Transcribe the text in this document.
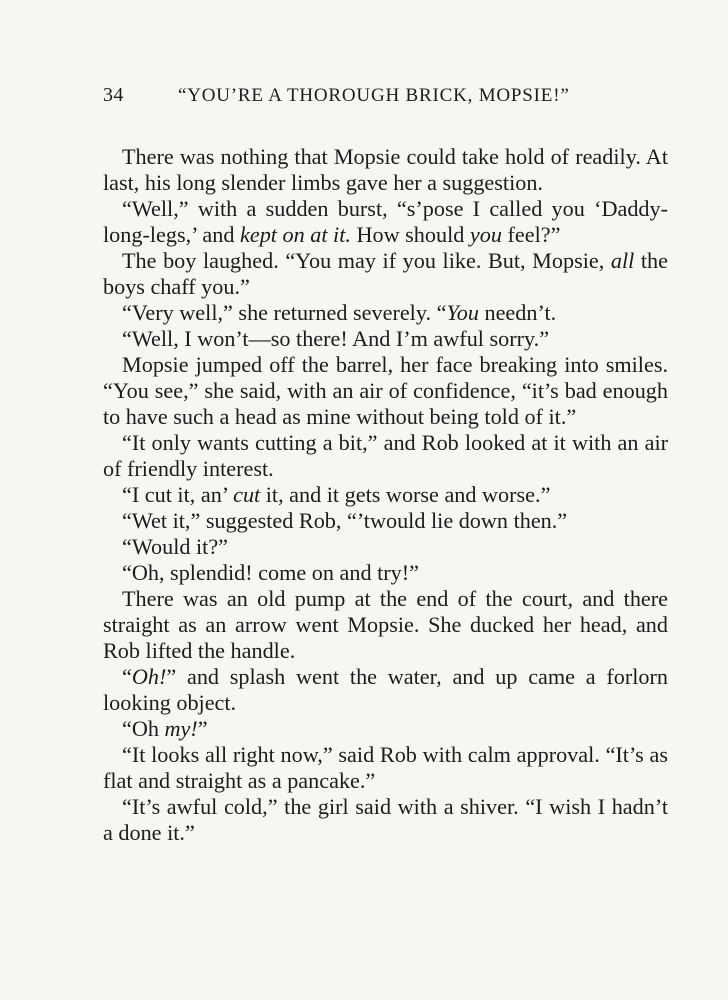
34	“YOU’RE A THOROUGH BRICK, MOPSIE!”

There was nothing that Mopsie could take hold of readily. At last, his long slender limbs gave her a suggestion.

“Well,” with a sudden burst, “s’pose I called you ‘Daddy-long-legs,’ and kept on at it. How should you feel?”

The boy laughed. “You may if you like. But, Mopsie, all the boys chaff you.”

“Very well,” she returned severely. “You needn’t.

“Well, I won’t—so there! And I’m awful sorry.”

Mopsie jumped off the barrel, her face breaking into smiles. “You see,” she said, with an air of confidence, “it’s bad enough to have such a head as mine without being told of it.”

“It only wants cutting a bit,” and Rob looked at it with an air of friendly interest.

“I cut it, an’ cut it, and it gets worse and worse.”

“Wet it,” suggested Rob, “’twould lie down then.”

“Would it?”

“Oh, splendid! come on and try!”

There was an old pump at the end of the court, and there straight as an arrow went Mopsie. She ducked her head, and Rob lifted the handle.

“Oh!” and splash went the water, and up came a forlorn looking object.

“Oh my!”

“It looks all right now,” said Rob with calm approval. “It’s as flat and straight as a pancake.”

“It’s awful cold,” the girl said with a shiver. “I wish I hadn’t a done it.”
